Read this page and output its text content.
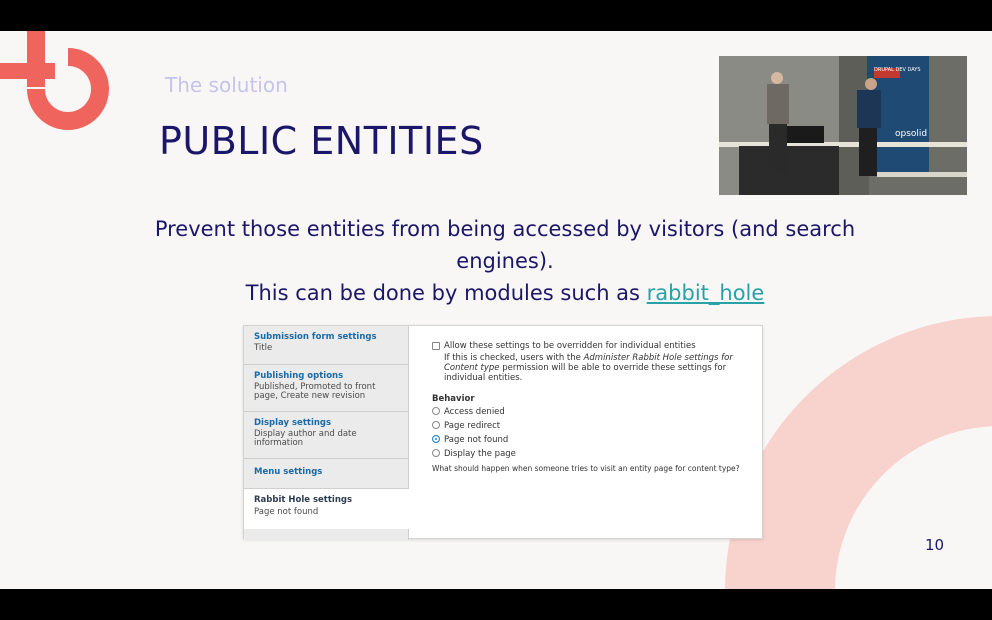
The solution
PUBLIC ENTITIES
DRUPAL DEV DAYS
opsolid
Prevent those entities from being accessed by visitors (and search
engines).
This can be done by modules such as rabbit_hole
Submission form settings
Title
Publishing options
Published, Promoted to front page, Create new revision
Display settings
Display author and date information
Menu settings
Rabbit Hole settings
Page not found
Allow these settings to be overridden for individual entities
If this is checked, users with the Administer Rabbit Hole settings for Content type permission will be able to override these settings for individual entities.
Behavior
Access denied
Page redirect
Page not found
Display the page
What should happen when someone tries to visit an entity page for content type?
10
